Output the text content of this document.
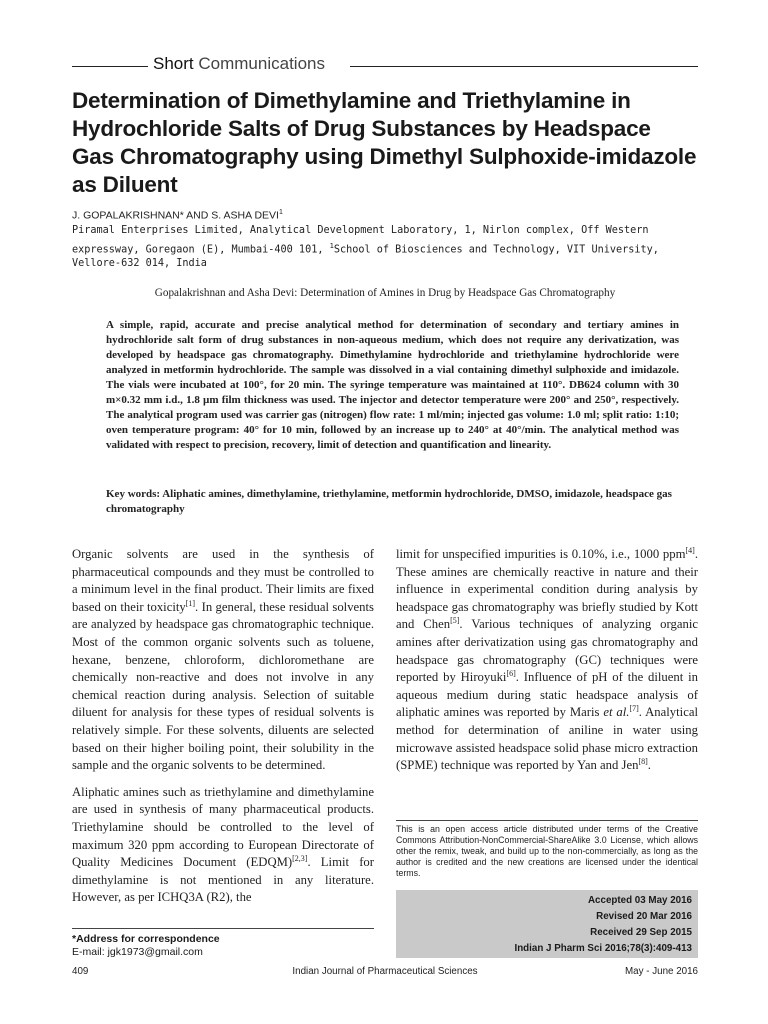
Short Communications
Determination of Dimethylamine and Triethylamine in Hydrochloride Salts of Drug Substances by Headspace Gas Chromatography using Dimethyl Sulphoxide-imidazole as Diluent
J. GOPALAKRISHNAN* AND S. ASHA DEVI$^1$
Piramal Enterprises Limited, Analytical Development Laboratory, 1, Nirlon complex, Off Western expressway, Goregaon (E), Mumbai-400 101, $^1$School of Biosciences and Technology, VIT University, Vellore-632 014, India
Gopalakrishnan and Asha Devi: Determination of Amines in Drug by Headspace Gas Chromatography
A simple, rapid, accurate and precise analytical method for determination of secondary and tertiary amines in hydrochloride salt form of drug substances in non-aqueous medium, which does not require any derivatization, was developed by headspace gas chromatography. Dimethylamine hydrochloride and triethylamine hydrochloride were analyzed in metformin hydrochloride. The sample was dissolved in a vial containing dimethyl sulphoxide and imidazole. The vials were incubated at 100°, for 20 min. The syringe temperature was maintained at 110°. DB624 column with 30 m×0.32 mm i.d., 1.8 µm film thickness was used. The injector and detector temperature were 200° and 250°, respectively. The analytical program used was carrier gas (nitrogen) flow rate: 1 ml/min; injected gas volume: 1.0 ml; split ratio: 1:10; oven temperature program: 40° for 10 min, followed by an increase up to 240° at 40°/min. The analytical method was validated with respect to precision, recovery, limit of detection and quantification and linearity.
Key words: Aliphatic amines, dimethylamine, triethylamine, metformin hydrochloride, DMSO, imidazole, headspace gas chromatography

Organic solvents are used in the synthesis of pharmaceutical compounds and they must be controlled to a minimum level in the final product. Their limits are fixed based on their toxicity[1]. In general, these residual solvents are analyzed by headspace gas chromatographic technique. Most of the common organic solvents such as toluene, hexane, benzene, chloroform, dichloromethane are chemically non-reactive and does not involve in any chemical reaction during analysis. Selection of suitable diluent for analysis for these types of residual solvents is relatively simple. For these solvents, diluents are selected based on their higher boiling point, their solubility in the sample and the organic solvents to be determined.

Aliphatic amines such as triethylamine and dimethylamine are used in synthesis of many pharmaceutical products. Triethylamine should be controlled to the level of maximum 320 ppm according to European Directorate of Quality Medicines Document (EDQM)[2,3]. Limit for dimethylamine is not mentioned in any literature. However, as per ICHQ3A (R2), the

limit for unspecified impurities is 0.10%, i.e., 1000 ppm[4]. These amines are chemically reactive in nature and their influence in experimental condition during analysis by headspace gas chromatography was briefly studied by Kott and Chen[5]. Various techniques of analyzing organic amines after derivatization using gas chromatography and headspace gas chromatography (GC) techniques were reported by Hiroyuki[6]. Influence of pH of the diluent in aqueous medium during static headspace analysis of aliphatic amines was reported by Maris et al.[7]. Analytical method for determination of aniline in water using microwave assisted headspace solid phase micro extraction (SPME) technique was reported by Yan and Jen[8].

This is an open access article distributed under terms of the Creative Commons Attribution-NonCommercial-ShareAlike 3.0 License, which allows other the remix, tweak, and build up to the non-commercially, as long as the author is credited and the new creations are licensed under the identical terms.
Accepted 03 May 2016
Revised 20 Mar 2016
Received 29 Sep 2015
Indian J Pharm Sci 2016;78(3):409-413
*Address for correspondence
E-mail: jgk1973@gmail.com
409	Indian Journal of Pharmaceutical Sciences	May - June 2016
